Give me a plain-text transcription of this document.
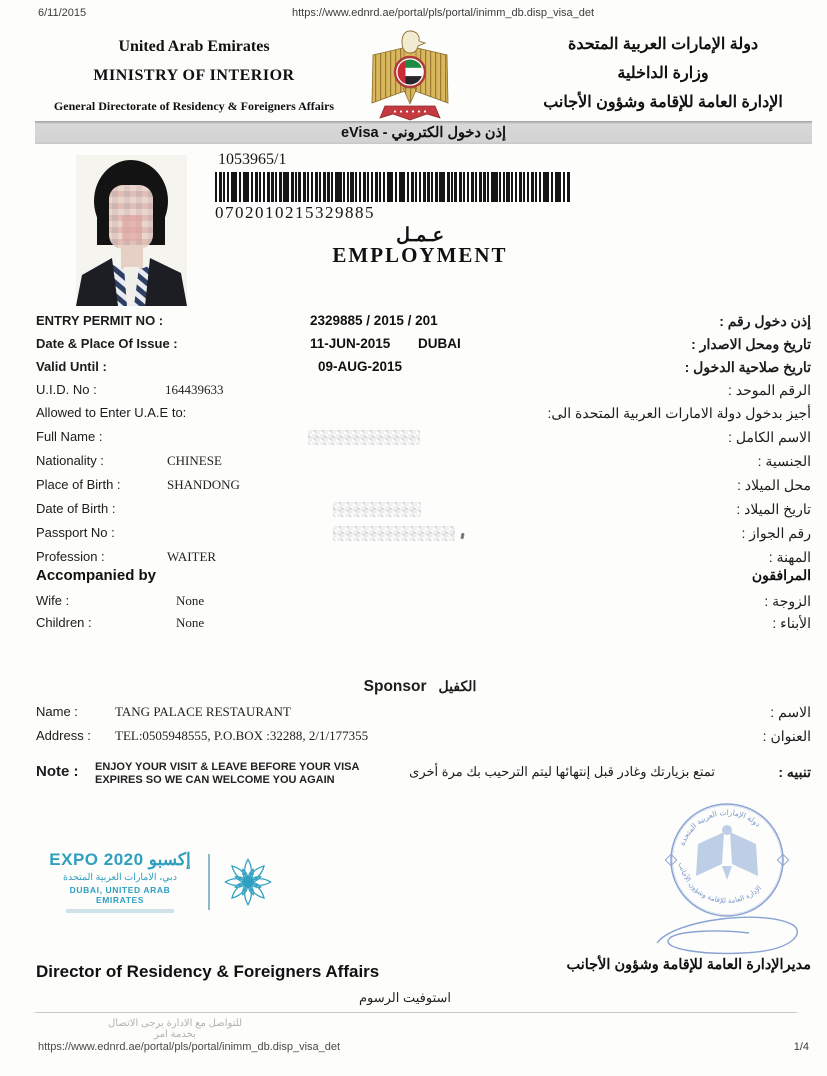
6/11/2015	https://www.ednrd.ae/portal/pls/portal/inimm_db.disp_visa_det
United Arab Emirates
MINISTRY OF INTERIOR
General Directorate of Residency & Foreigners Affairs
دولة الإمارات العربية المتحدة
وزارة الداخلية
الإدارة العامة للإقامة وشؤون الأجانب
eVisa - إذن دخول الكتروني
1053965/1
0702010215329885
عـمـل
EMPLOYMENT
ENTRY PERMIT NO :	2329885 / 2015 / 201	إذن دخول رقم :
Date & Place Of Issue :	11-JUN-2015 DUBAI	تاريخ ومحل الاصدار :
Valid Until :	09-AUG-2015	تاريخ صلاحية الدخول :
U.I.D. No :	164439633	الرقم الموحد :
Allowed to Enter U.A.E to:	أجيز بدخول دولة الامارات العربية المتحدة الى:
Full Name :	الاسم الكامل :
Nationality :	CHINESE	الجنسية :
Place of Birth :	SHANDONG	محل الميلاد :
Date of Birth :	تاريخ الميلاد :
Passport No :	رقم الجواز :
Profession :	WAITER	المهنة :
Accompanied by	المرافقون
Wife :	None	الزوجة :
Children :	None	الأبناء :
Sponsor الكفيل
Name :	TANG PALACE RESTAURANT	الاسم :
Address : TEL:0505948555, P.O.BOX :32288, 2/1/177355	العنوان :
Note : ENJOY YOUR VISIT & LEAVE BEFORE YOUR VISA
EXPIRES SO WE CAN WELCOME YOU AGAIN
تمتع بزيارتك وغادر قبل إنتهائها ليتم الترحيب بك مرة أخرى	تنبيه :
EXPO 2020 إكسبو
دبي، الامارات العربية المتحدة
DUBAI, UNITED ARAB EMIRATES
دولة الإمارات العربية المتحدة
الإدارة العامة للإقامة وشؤون الأجانب
Director of Residency & Foreigners Affairs	مديرالإدارة العامة للإقامة وشؤون الأجانب
استوفيت الرسوم
للتواصل مع الادارة يرجى الاتصال بخدمة امر
https://www.ednrd.ae/portal/pls/portal/inimm_db.disp_visa_det	1/4
